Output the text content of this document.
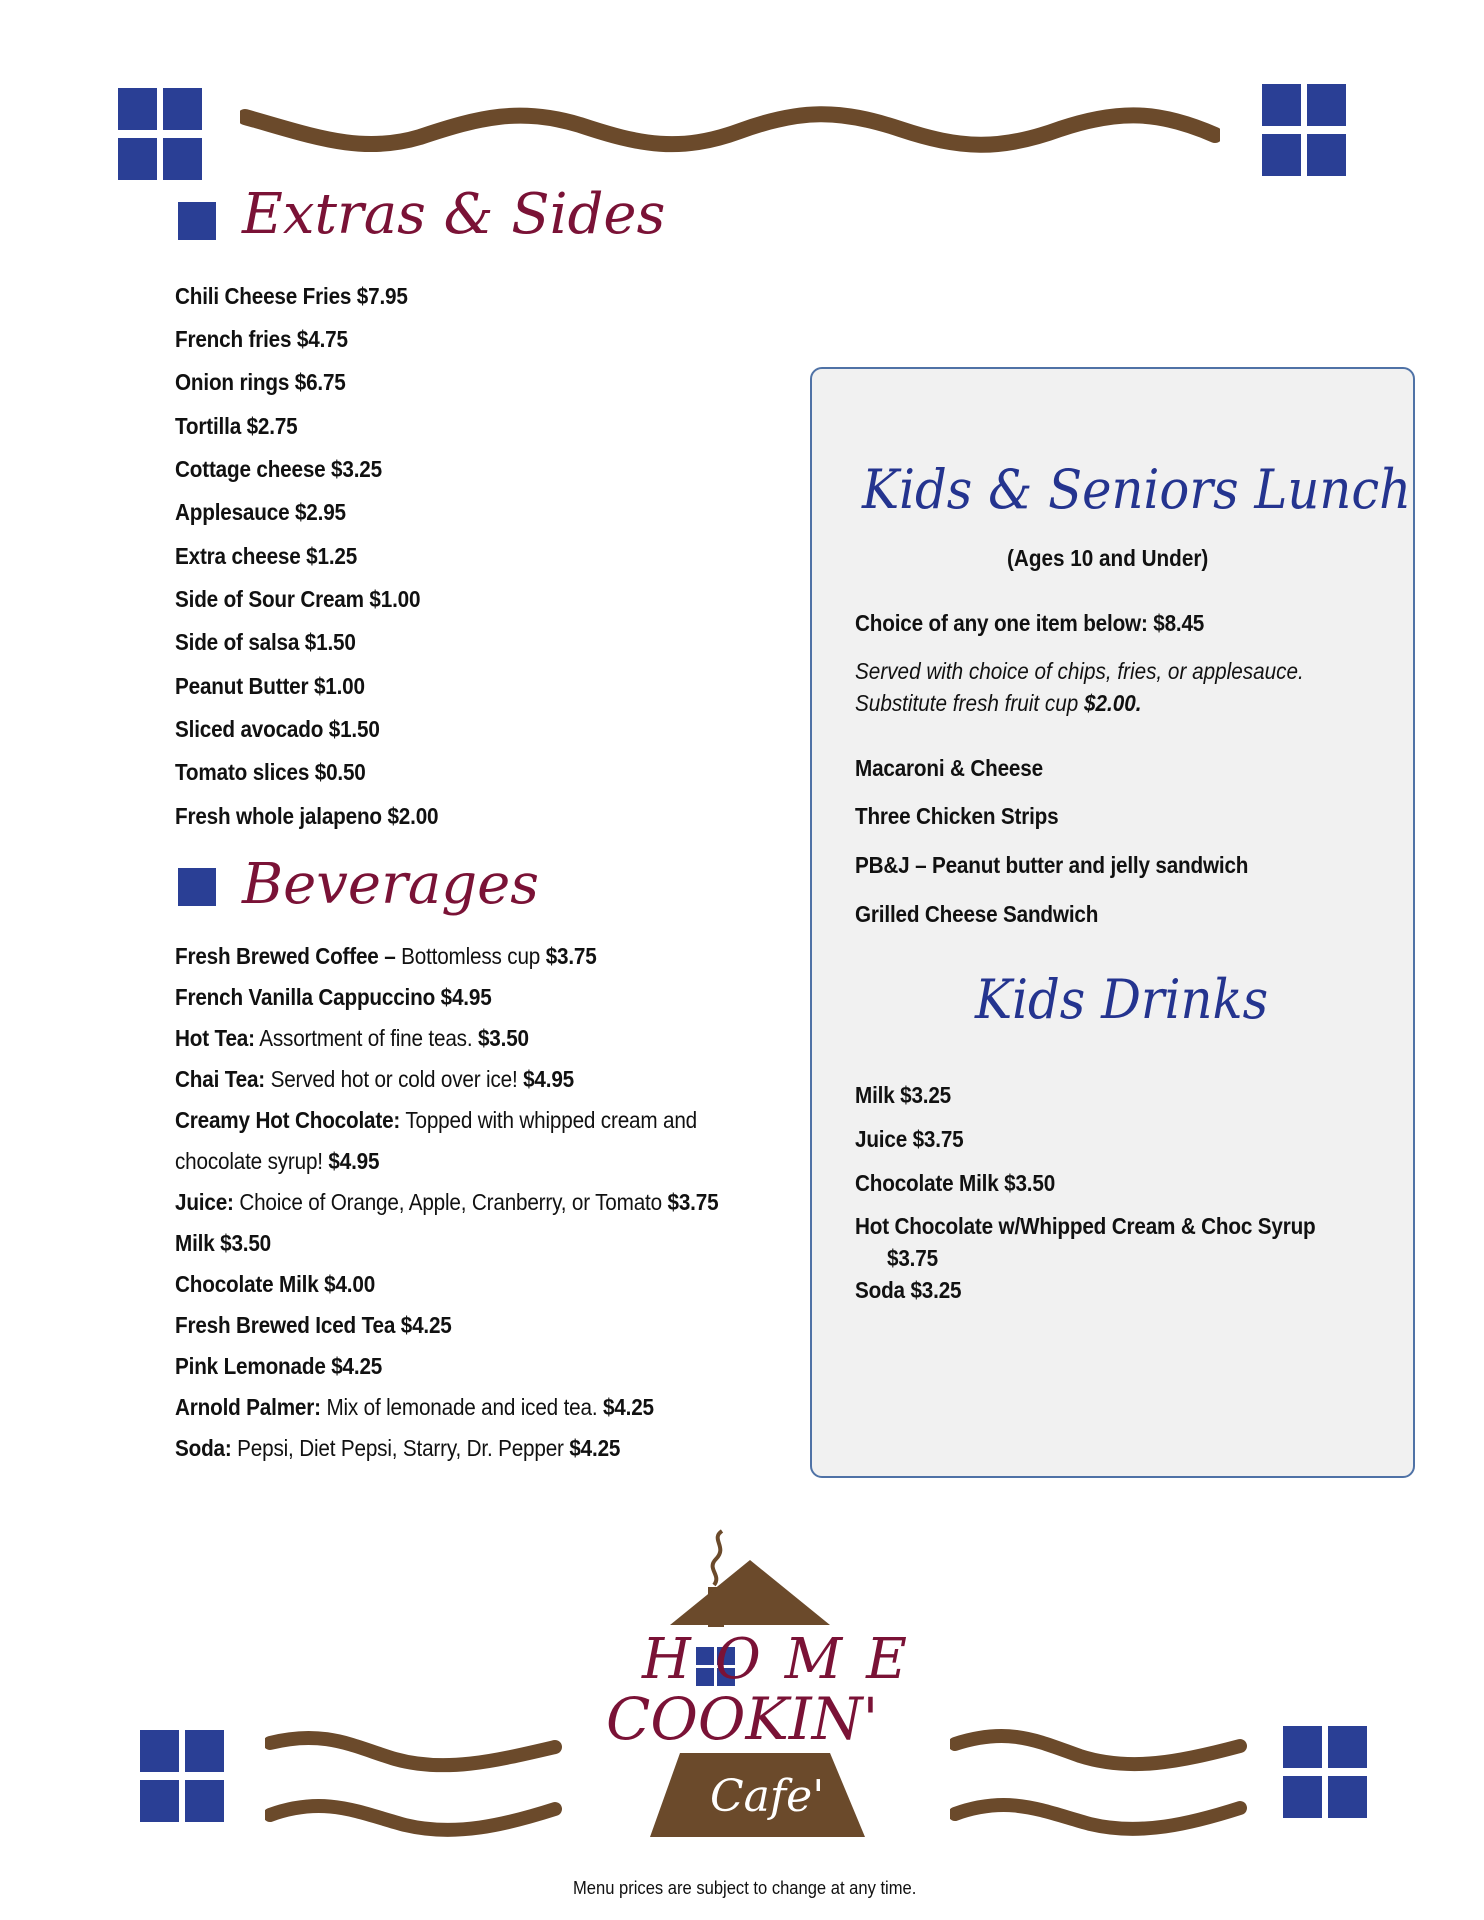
Extras & Sides
Chili Cheese Fries $7.95
French fries $4.75
Onion rings $6.75
Tortilla $2.75
Cottage cheese $3.25
Applesauce $2.95
Extra cheese $1.25
Side of Sour Cream $1.00
Side of salsa $1.50
Peanut Butter $1.00
Sliced avocado $1.50
Tomato slices $0.50
Fresh whole jalapeno $2.00
Beverages
Fresh Brewed Coffee – Bottomless cup $3.75
French Vanilla Cappuccino $4.95
Hot Tea: Assortment of fine teas. $3.50
Chai Tea: Served hot or cold over ice! $4.95
Creamy Hot Chocolate: Topped with whipped cream and
chocolate syrup! $4.95
Juice: Choice of Orange, Apple, Cranberry, or Tomato $3.75
Milk $3.50
Chocolate Milk $4.00
Fresh Brewed Iced Tea $4.25
Pink Lemonade $4.25
Arnold Palmer: Mix of lemonade and iced tea. $4.25
Soda: Pepsi, Diet Pepsi, Starry, Dr. Pepper $4.25
Kids & Seniors Lunch
(Ages 10 and Under)
Choice of any one item below: $8.45
Served with choice of chips, fries, or applesauce.
Substitute fresh fruit cup $2.00.
Macaroni & Cheese
Three Chicken Strips
PB&J – Peanut butter and jelly sandwich
Grilled Cheese Sandwich
Kids Drinks
Milk $3.25
Juice $3.75
Chocolate Milk $3.50
Hot Chocolate w/Whipped Cream & Choc Syrup
$3.75
Soda $3.25
HOME
COOKIN'
Cafe'
Menu prices are subject to change at any time.
